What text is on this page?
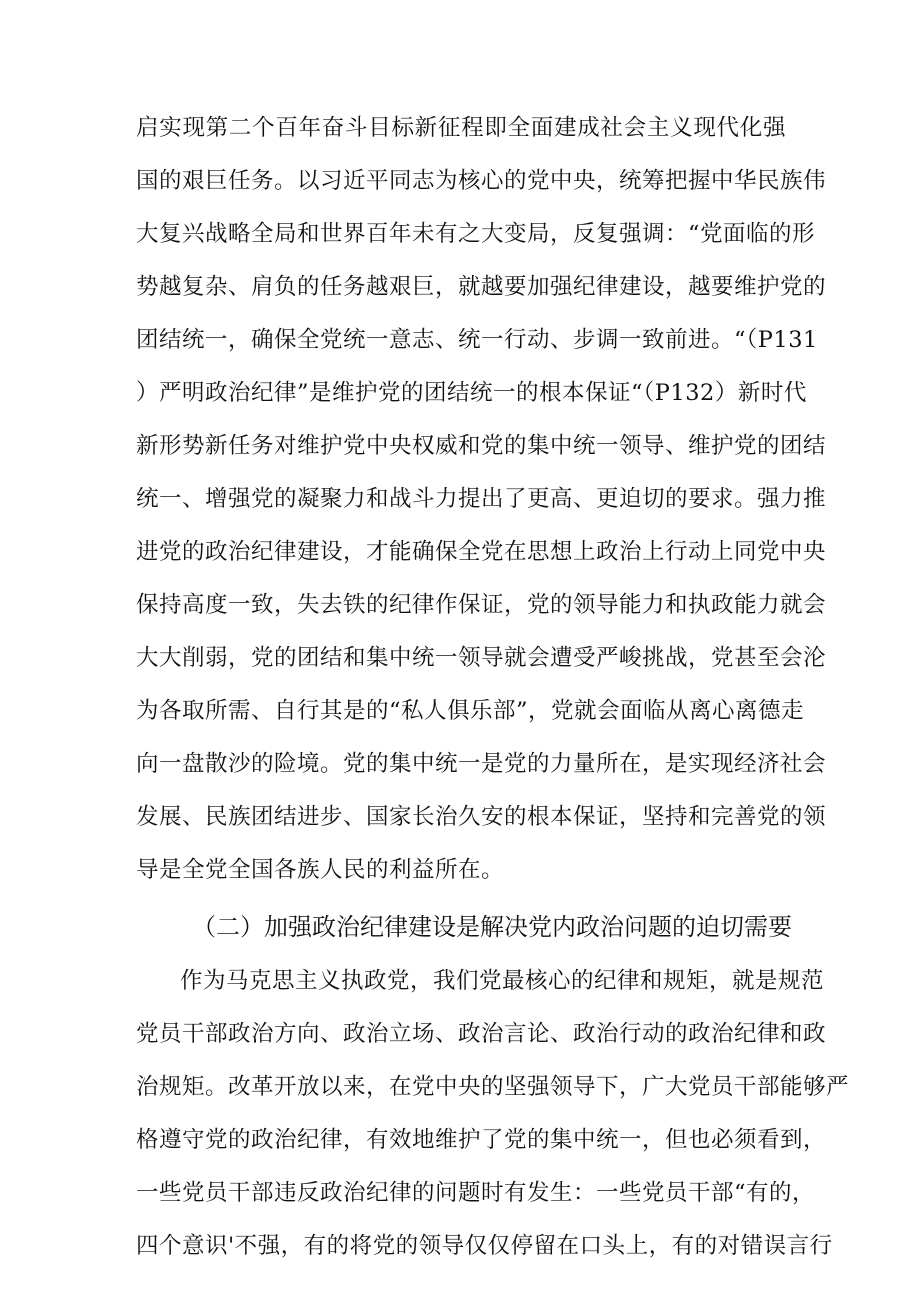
启实现第二个百年奋斗目标新征程即全面建成社会主义现代化强
国的艰巨任务。以习近平同志为核心的党中央，统筹把握中华民族伟
大复兴战略全局和世界百年未有之大变局，反复强调：“党面临的形
势越复杂、肩负的任务越艰巨，就越要加强纪律建设，越要维护党的
团结统一，确保全党统一意志、统一行动、步调一致前进。“（P131
）严明政治纪律”是维护党的团结统一的根本保证“（P132）新时代
新形势新任务对维护党中央权威和党的集中统一领导、维护党的团结
统一、增强党的凝聚力和战斗力提出了更高、更迫切的要求。强力推
进党的政治纪律建设，才能确保全党在思想上政治上行动上同党中央
保持高度一致，失去铁的纪律作保证，党的领导能力和执政能力就会
大大削弱，党的团结和集中统一领导就会遭受严峻挑战，党甚至会沦
为各取所需、自行其是的“私人俱乐部”，党就会面临从离心离德走
向一盘散沙的险境。党的集中统一是党的力量所在，是实现经济社会
发展、民族团结进步、国家长治久安的根本保证，坚持和完善党的领
导是全党全国各族人民的利益所在。
（二）加强政治纪律建设是解决党内政治问题的迫切需要
作为马克思主义执政党，我们党最核心的纪律和规矩，就是规范
党员干部政治方向、政治立场、政治言论、政治行动的政治纪律和政
治规矩。改革开放以来，在党中央的坚强领导下，广大党员干部能够严
格遵守党的政治纪律，有效地维护了党的集中统一，但也必须看到，
一些党员干部违反政治纪律的问题时有发生：一些党员干部“有的，
四个意识'不强，有的将党的领导仅仅停留在口头上，有的对错误言行
